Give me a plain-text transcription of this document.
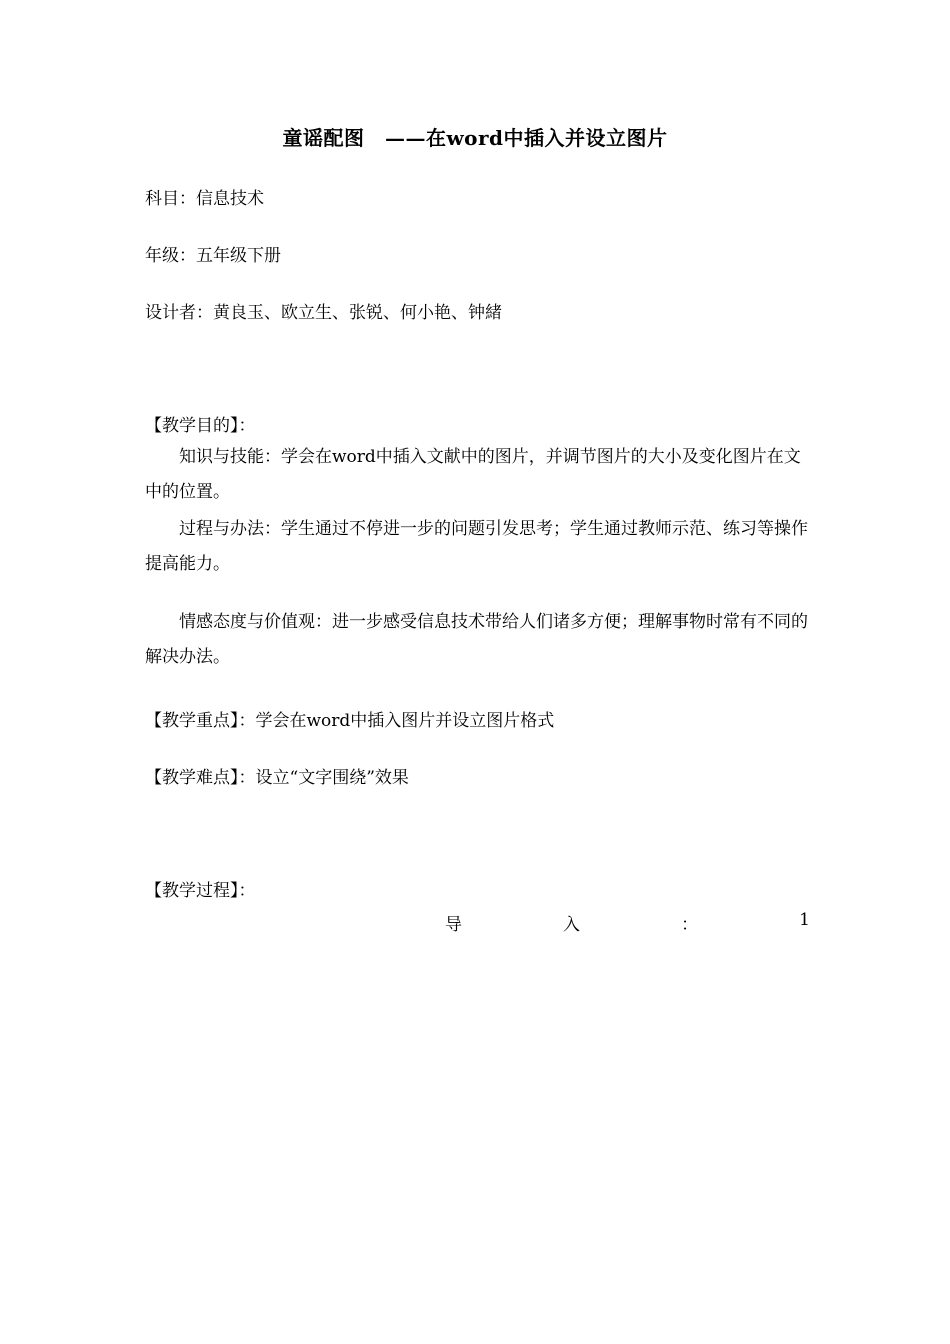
童谣配图　——在word中插入并设立图片
科目：信息技术
年级：五年级下册
设计者：黄良玉、欧立生、张锐、何小艳、钟緒
【教学目的】：
知识与技能：学会在word中插入文献中的图片，并调节图片的大小及变化图片在文中的位置。
过程与办法：学生通过不停进一步的问题引发思考；学生通过教师示范、练习等操作提高能力。
情感态度与价值观：进一步感受信息技术带给人们诸多方便；理解事物时常有不同的解决办法。
【教学重点】：学会在word中插入图片并设立图片格式
【教学难点】：设立“文字围绕”效果
【教学过程】：
导	入	：	1
